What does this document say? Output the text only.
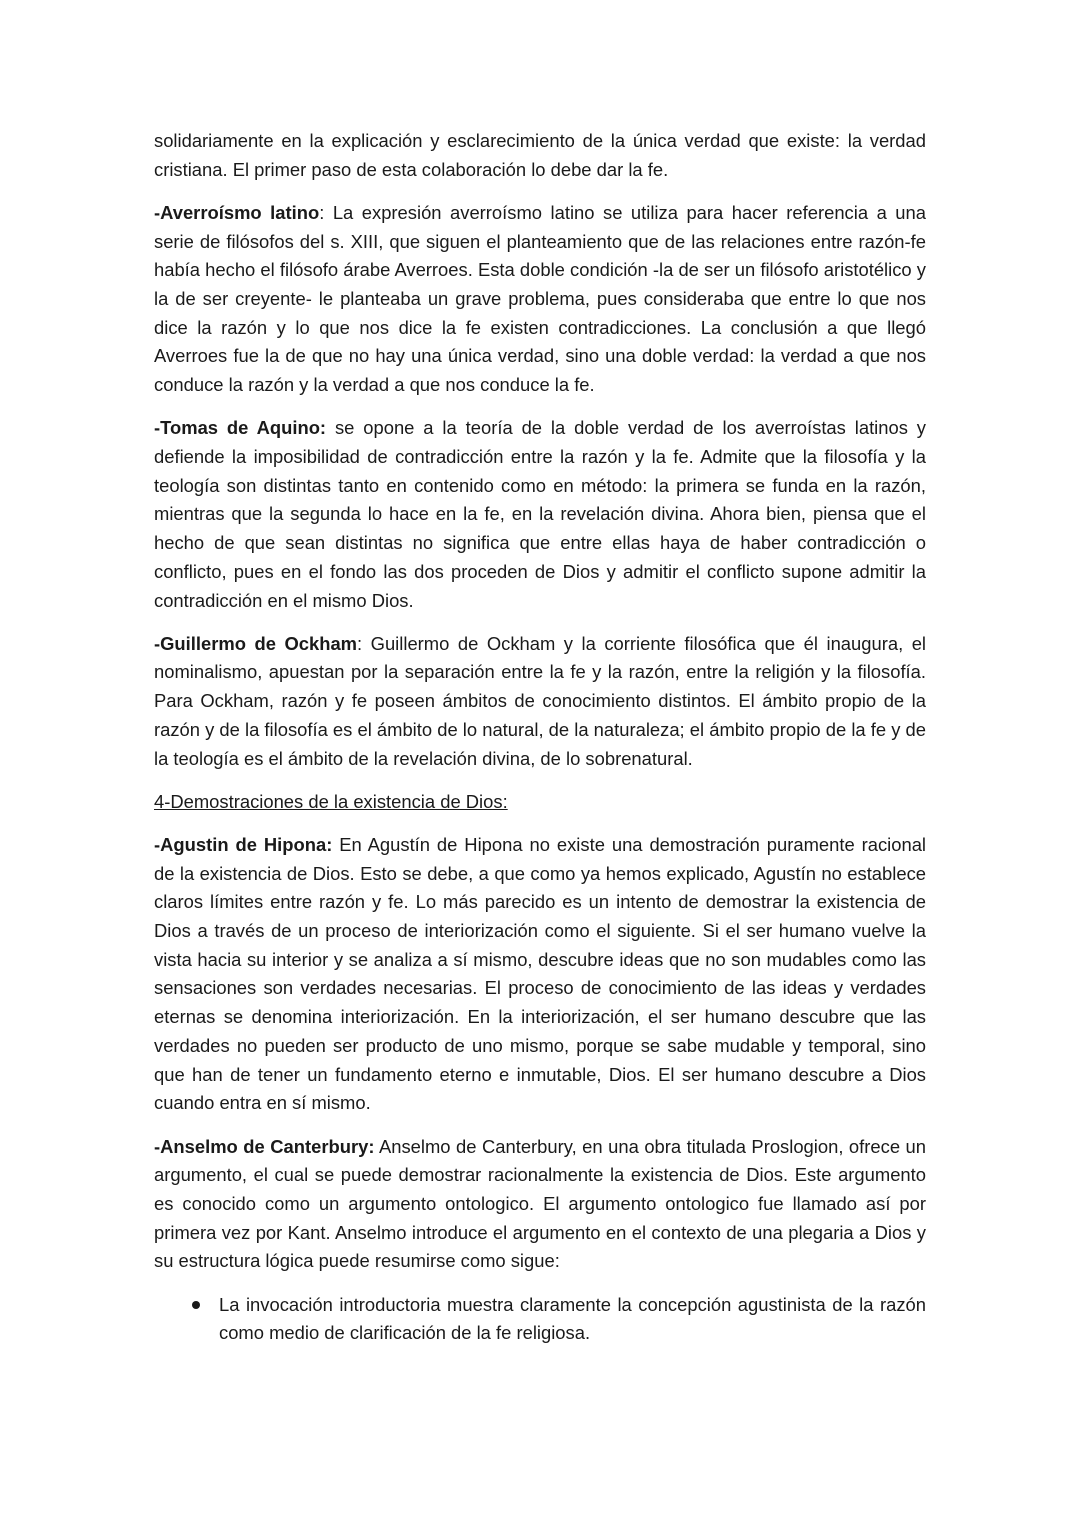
solidariamente en la explicación y esclarecimiento de la única verdad que existe: la verdad cristiana. El primer paso de esta colaboración lo debe dar la fe.

-Averroísmo latino: La expresión averroísmo latino se utiliza para hacer referencia a una serie de filósofos del s. XIII, que siguen el planteamiento que de las relaciones entre razón-fe había hecho el filósofo árabe Averroes. Esta doble condición -la de ser un filósofo aristotélico y la de ser creyente- le planteaba un grave problema, pues consideraba que entre lo que nos dice la razón y lo que nos dice la fe existen contradicciones. La conclusión a que llegó Averroes fue la de que no hay una única verdad, sino una doble verdad: la verdad a que nos conduce la razón y la verdad a que nos conduce la fe.

-Tomas de Aquino: se opone a la teoría de la doble verdad de los averroístas latinos y defiende la imposibilidad de contradicción entre la razón y la fe. Admite que la filosofía y la teología son distintas tanto en contenido como en método: la primera se funda en la razón, mientras que la segunda lo hace en la fe, en la revelación divina. Ahora bien, piensa que el hecho de que sean distintas no significa que entre ellas haya de haber contradicción o conflicto, pues en el fondo las dos proceden de Dios y admitir el conflicto supone admitir la contradicción en el mismo Dios.

-Guillermo de Ockham: Guillermo de Ockham y la corriente filosófica que él inaugura, el nominalismo, apuestan por la separación entre la fe y la razón, entre la religión y la filosofía. Para Ockham, razón y fe poseen ámbitos de conocimiento distintos. El ámbito propio de la razón y de la filosofía es el ámbito de lo natural, de la naturaleza; el ámbito propio de la fe y de la teología es el ámbito de la revelación divina, de lo sobrenatural.

4-Demostraciones de la existencia de Dios:

-Agustin de Hipona: En Agustín de Hipona no existe una demostración puramente racional de la existencia de Dios. Esto se debe, a que como ya hemos explicado, Agustín no establece claros límites entre razón y fe. Lo más parecido es un intento de demostrar la existencia de Dios a través de un proceso de interiorización como el siguiente. Si el ser humano vuelve la vista hacia su interior y se analiza a sí mismo, descubre ideas que no son mudables como las sensaciones son verdades necesarias. El proceso de conocimiento de las ideas y verdades eternas se denomina interiorización. En la interiorización, el ser humano descubre que las verdades no pueden ser producto de uno mismo, porque se sabe mudable y temporal, sino que han de tener un fundamento eterno e inmutable, Dios. El ser humano descubre a Dios cuando entra en sí mismo.

-Anselmo de Canterbury: Anselmo de Canterbury, en una obra titulada Proslogion, ofrece un argumento, el cual se puede demostrar racionalmente la existencia de Dios. Este argumento es conocido como un argumento ontologico. El argumento ontologico fue llamado así por primera vez por Kant. Anselmo introduce el argumento en el contexto de una plegaria a Dios y su estructura lógica puede resumirse como sigue:

La invocación introductoria muestra claramente la concepción agustinista de la razón como medio de clarificación de la fe religiosa.
